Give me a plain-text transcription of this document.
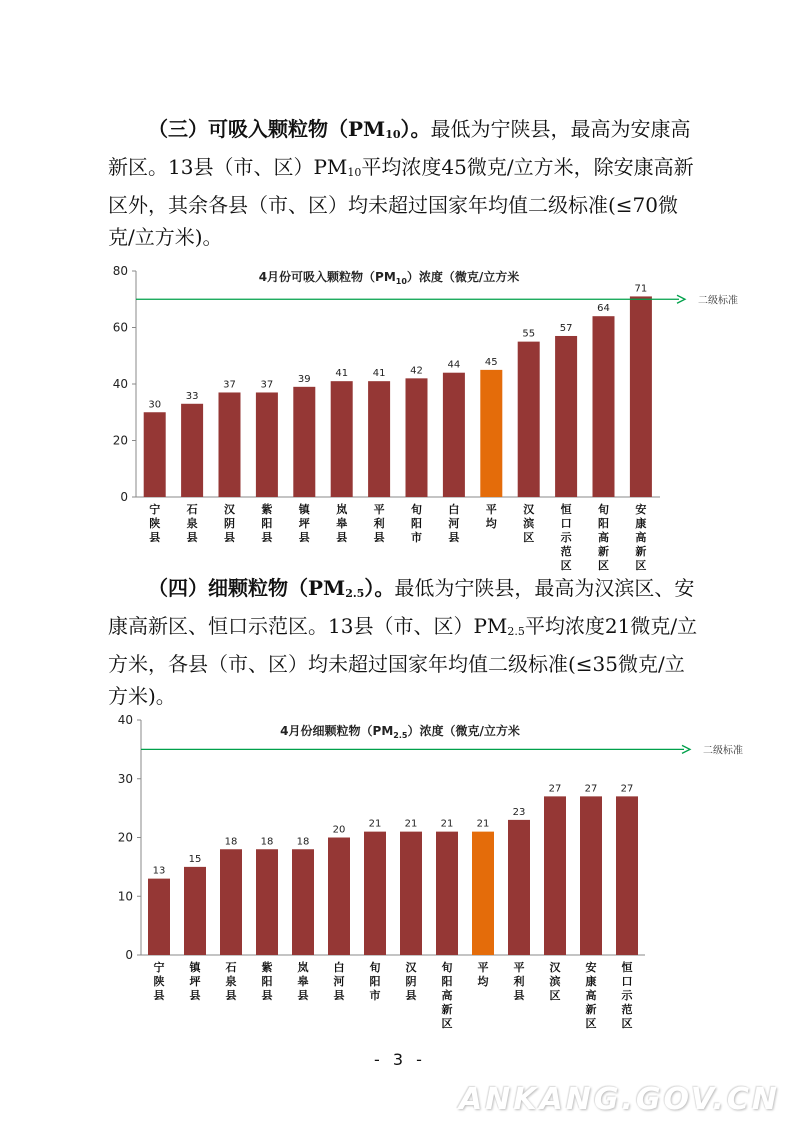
（三）可吸入颗粒物（PM10）。最低为宁陕县，最高为安康高新区。13县（市、区）PM10平均浓度45微克/立方米，除安康高新区外，其余各县（市、区）均未超过国家年均值二级标准(≤70微克/立方米)。

（四）细颗粒物（PM2.5）。最低为宁陕县，最高为汉滨区、安康高新区、恒口示范区。13县（市、区）PM2.5平均浓度21微克/立方米，各县（市、区）均未超过国家年均值二级标准(≤35微克/立方米)。

0
20
40
60
80	4月份可吸入颗粒物$(PM_{10})$浓度（微克/立方米
30
宁陕县
33
石泉县
37
汉阴县
37
紫阳县
39
镇坪县
41
岚皋县
41
平利县
42
旬阳市
44
白河县
45
平均
55
汉滨区
57
恒口示范区
64
旬阳高新区
71
安康高新区
二级标准
0
10
20
30
40
4月份细颗粒物$(PM_{2.5})$浓度（微克/立方米
13
宁陕县
15
镇坪县
18
石泉县
18
紫阳县
18
岚皋县
20
白河县
21
旬阳市
21
汉阴县
21
旬阳高新区
21
平均
23
平利县
27
汉滨区
27
安康高新区
27
恒口示范区
二级标准
- 3 -
ANKANG.GOV.CN
